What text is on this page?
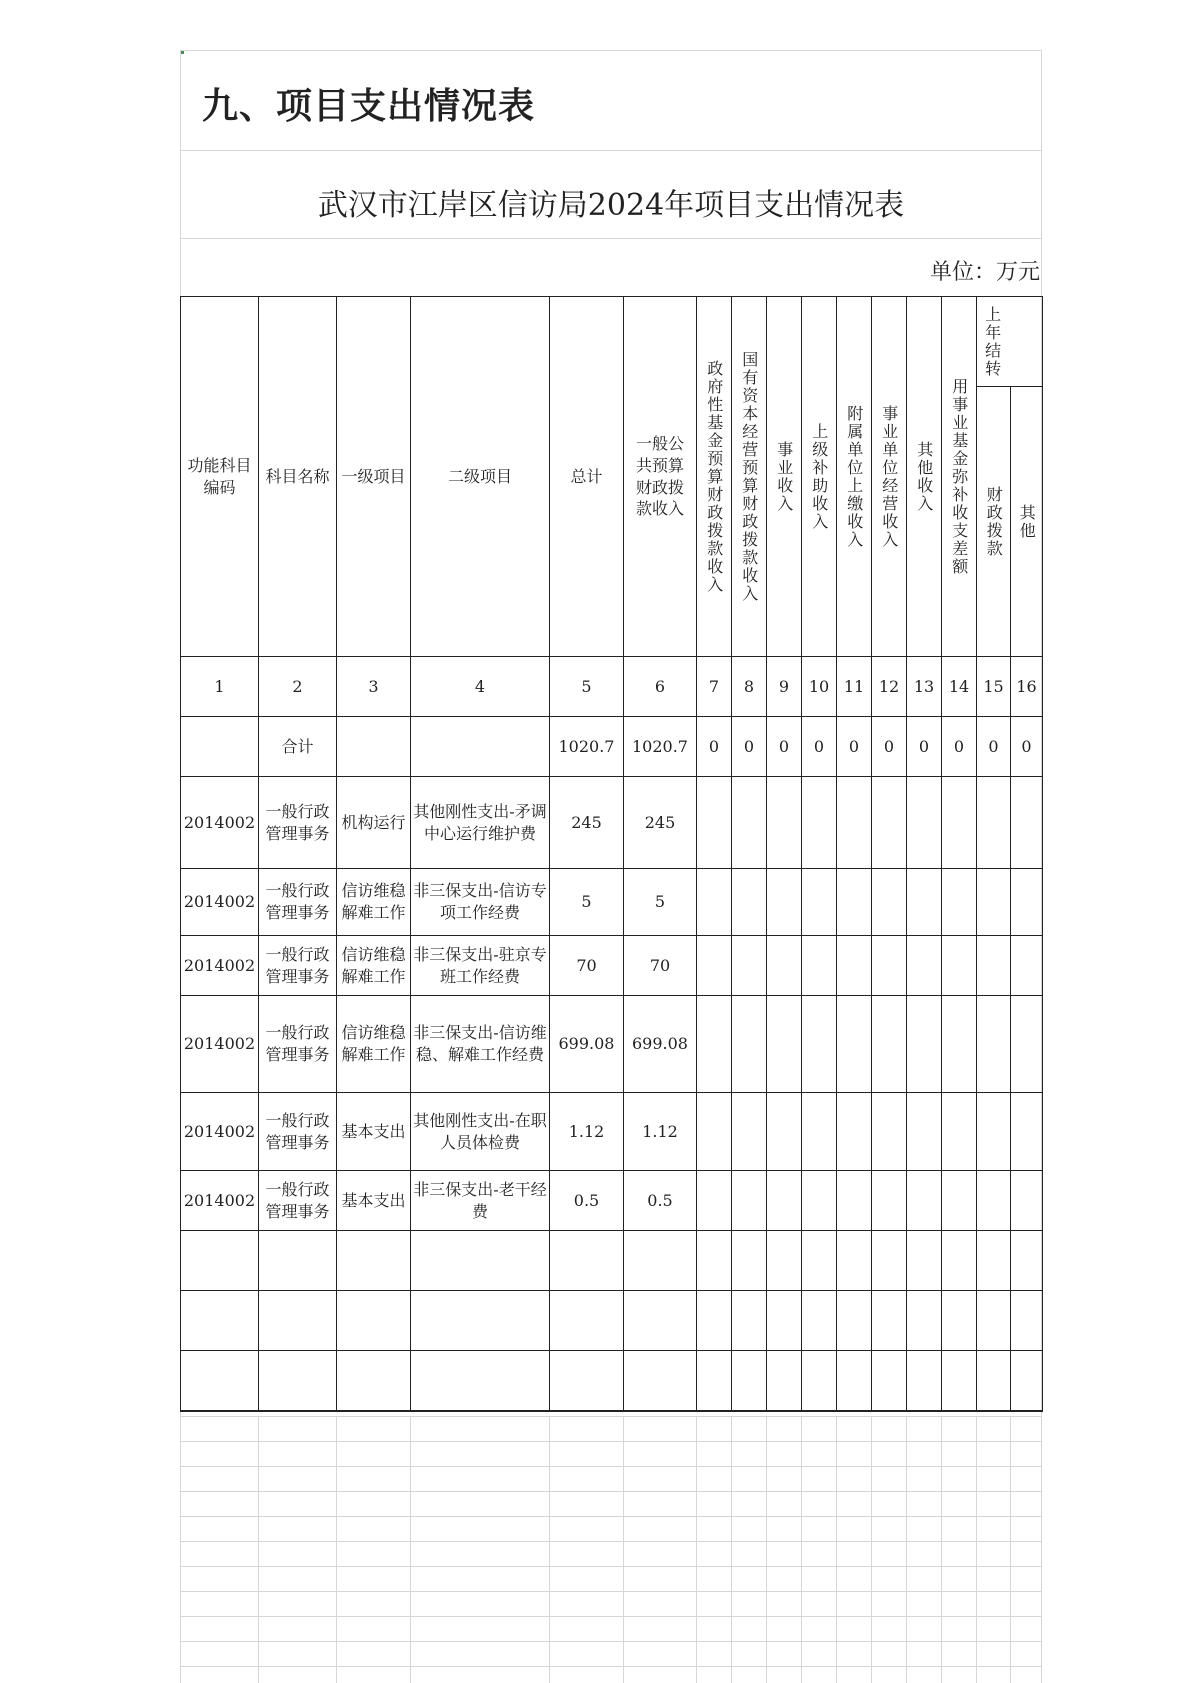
九、项目支出情况表
武汉市江岸区信访局2024年项目支出情况表
单位：万元
功能科目编码	科目名称	一级项目	二级项目	总计	一般公共预算财政拨款收入	政府性基金预算财政拨款收入	国有资本经营预算财政拨款收入	事业收入	上级补助收入	附属单位上缴收入	事业单位经营收入	其他收入	用事业基金弥补收支差额	上年结转	

														财政拨款	其他

1	2	3	4	5	6	7	8	9	10	11	12	13	14	15	16
	合计			1020.7	1020.7	0	0	0	0	0	0	0	0	0	0
2014002	一般行政管理事务	机构运行	其他刚性支出-矛调中心运行维护费	245	245										
2014002	一般行政管理事务	信访维稳解难工作	非三保支出-信访专项工作经费	5	5										
2014002	一般行政管理事务	信访维稳解难工作	非三保支出-驻京专班工作经费	70	70										
2014002	一般行政管理事务	信访维稳解难工作	非三保支出-信访维稳、解难工作经费	699.08	699.08										
2014002	一般行政管理事务	基本支出	其他刚性支出-在职人员体检费	1.12	1.12										
2014002	一般行政管理事务	基本支出	非三保支出-老干经费	0.5	0.5										
